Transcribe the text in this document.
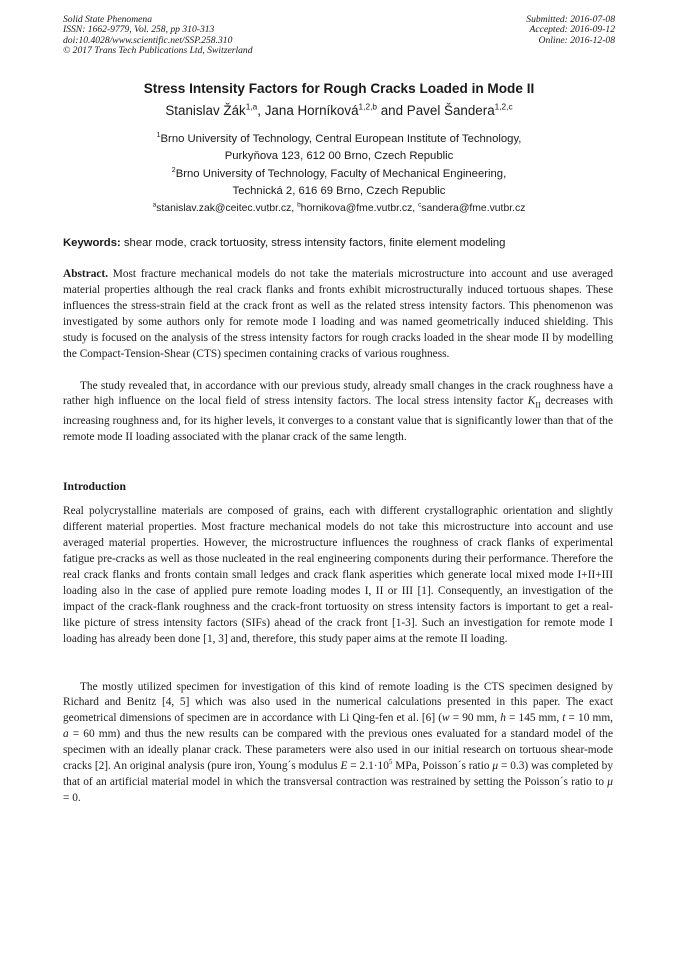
Solid State Phenomena
ISSN: 1662-9779, Vol. 258, pp 310-313
doi:10.4028/www.scientific.net/SSP.258.310
© 2017 Trans Tech Publications Ltd, Switzerland
Submitted: 2016-07-08
Accepted: 2016-09-12
Online: 2016-12-08
Stress Intensity Factors for Rough Cracks Loaded in Mode II
Stanislav Žák$^{1,a}$, Jana Horníková$^{1,2,b}$ and Pavel Šandera$^{1,2,c}$
$^1$Brno University of Technology, Central European Institute of Technology,
Purkyňova 123, 612 00 Brno, Czech Republic
$^2$Brno University of Technology, Faculty of Mechanical Engineering,
Technická 2, 616 69 Brno, Czech Republic
$^a$stanislav.zak@ceitec.vutbr.cz, $^b$hornikova@fme.vutbr.cz, $^c$sandera@fme.vutbr.cz
Keywords: shear mode, crack tortuosity, stress intensity factors, finite element modeling

Abstract. Most fracture mechanical models do not take the materials microstructure into account and use averaged material properties although the real crack flanks and fronts exhibit microstructurally induced tortuous shapes. These influences the stress-strain field at the crack front as well as the related stress intensity factors. This phenomenon was investigated by some authors only for remote mode I loading and was named geometrically induced shielding. This study is focused on the analysis of the stress intensity factors for rough cracks loaded in the shear mode II by modelling the Compact-Tension-Shear (CTS) specimen containing cracks of various roughness.

The study revealed that, in accordance with our previous study, already small changes in the crack roughness have a rather high influence on the local field of stress intensity factors. The local stress intensity factor $K_{II}$ decreases with increasing roughness and, for its higher levels, it converges to a constant value that is significantly lower than that of the remote mode II loading associated with the planar crack of the same length.

Introduction

Real polycrystalline materials are composed of grains, each with different crystallographic orientation and slightly different material properties. Most fracture mechanical models do not take this microstructure into account and use averaged material properties. However, the microstructure influences the roughness of crack flanks of experimental fatigue pre-cracks as well as those nucleated in the real engineering components during their performance. Therefore the real crack flanks and fronts contain small ledges and crack flank asperities which generate local mixed mode I+II+III loading also in the case of applied pure remote loading modes I, II or III [1]. Consequently, an investigation of the impact of the crack-flank roughness and the crack-front tortuosity on stress intensity factors is important to get a real-like picture of stress intensity factors (SIFs) ahead of the crack front [1-3]. Such an investigation for remote mode I loading has already been done [1, 3] and, therefore, this study paper aims at the remote II loading.

The mostly utilized specimen for investigation of this kind of remote loading is the CTS specimen designed by Richard and Benitz [4, 5] which was also used in the numerical calculations presented in this paper. The exact geometrical dimensions of specimen are in accordance with Li Qing-fen et al. [6] (w = 90 mm, h = 145 mm, t = 10 mm, a = 60 mm) and thus the new results can be compared with the previous ones evaluated for a standard model of the specimen with an ideally planar crack. These parameters were also used in our initial research on tortuous shear-mode cracks [2]. An original analysis (pure iron, Young´s modulus $E = 2.1\cdot 10^5$ MPa, Poisson´s ratio μ = 0.3) was completed by that of an artificial material model in which the transversal contraction was restrained by setting the Poisson´s ratio to μ = 0.
